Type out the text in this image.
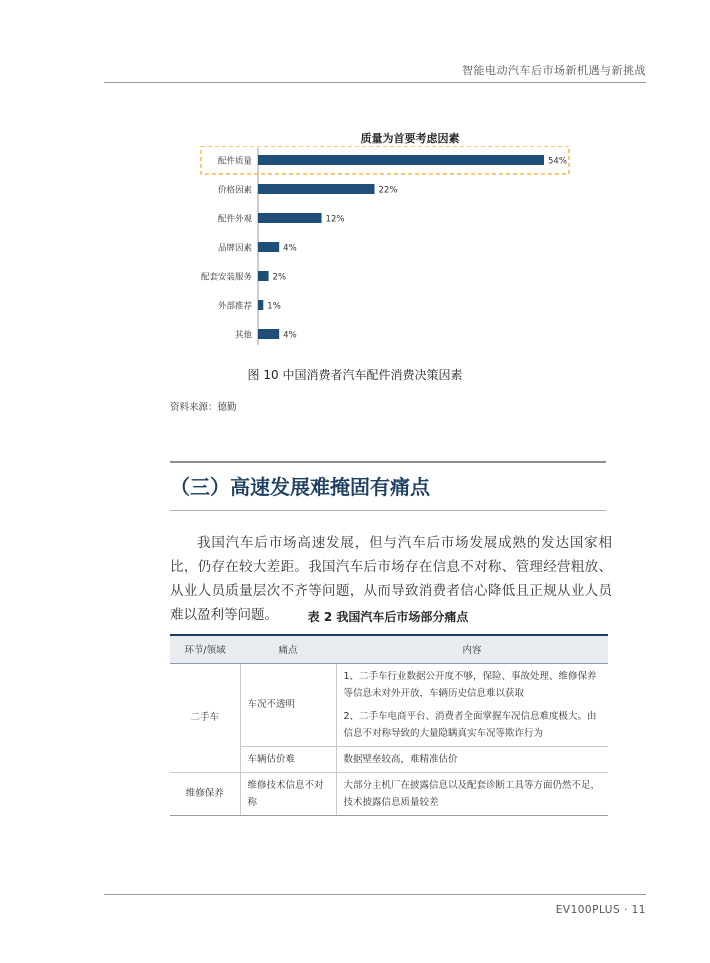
智能电动汽车后市场新机遇与新挑战
质量为首要考虑因素
配件质量	54%
价格因素	22%
配件外观	12%
品牌因素	4%
配套安装服务 2%
外部推荐 1%
其他	4%
图 10 中国消费者汽车配件消费决策因素
资料来源：德勤
（三）高速发展难掩固有痛点

我国汽车后市场高速发展，但与汽车后市场发展成熟的发达国家相比，仍存在较大差距。我国汽车后市场存在信息不对称、管理经营粗放、从业人员质量层次不齐等问题，从而导致消费者信心降低且正规从业人员难以盈利等问题。	表 2 我国汽车后市场部分痛点
环节/领域	痛点	内容
二手车	车况不透明	1、二手车行业数据公开度不够，保险、事故处理、维修保养等信息未对外开放，车辆历史信息难以获取
2、二手车电商平台、消费者全面掌握车况信息难度极大。由信息不对称导致的大量隐瞒真实车况等欺诈行为

	车辆估价难	数据壁垒较高，难精准估价
维修保养	维修技术信息不对称	大部分主机厂在披露信息以及配套诊断工具等方面仍然不足，技术披露信息质量较差
EV100PLUS · 11
